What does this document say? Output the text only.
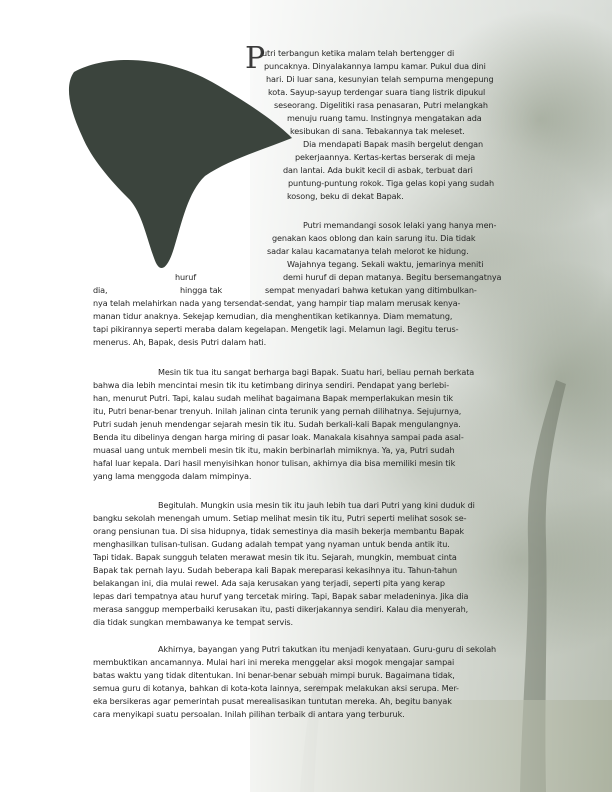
P
utri terbangun ketika malam telah bertengger di
puncaknya. Dinyalakannya lampu kamar. Pukul dua dini
hari. Di luar sana, kesunyian telah sempurna mengepung
kota. Sayup-sayup terdengar suara tiang listrik dipukul
seseorang. Digelitiki rasa penasaran, Putri melangkah
menuju ruang tamu. Instingnya mengatakan ada
kesibukan di sana. Tebakannya tak meleset.
Dia mendapati Bapak masih bergelut dengan
pekerjaannya. Kertas-kertas berserak di meja
dan lantai. Ada bukit kecil di asbak, terbuat dari
puntung-puntung rokok. Tiga gelas kopi yang sudah
kosong, beku di dekat Bapak.
Putri memandangi sosok lelaki yang hanya men-
genakan kaos oblong dan kain sarung itu. Dia tidak
sadar kalau kacamatanya telah melorot ke hidung.
Wajahnya tegang. Sekali waktu, jemarinya meniti
huruf	demi huruf di depan matanya. Begitu bersemangatnya
dia,	hingga tak	sempat menyadari bahwa ketukan yang ditimbulkan-
nya telah melahirkan nada yang tersendat-sendat, yang hampir tiap malam merusak kenya-
manan tidur anaknya. Sekejap kemudian, dia menghentikan ketikannya. Diam mematung,
tapi pikirannya seperti meraba dalam kegelapan. Mengetik lagi. Melamun lagi. Begitu terus-
menerus. Ah, Bapak, desis Putri dalam hati.
Mesin tik tua itu sangat berharga bagi Bapak. Suatu hari, beliau pernah berkata
bahwa dia lebih mencintai mesin tik itu ketimbang dirinya sendiri. Pendapat yang berlebi-
han, menurut Putri. Tapi, kalau sudah melihat bagaimana Bapak memperlakukan mesin tik
itu, Putri benar-benar trenyuh. Inilah jalinan cinta terunik yang pernah dilihatnya. Sejujurnya,
Putri sudah jenuh mendengar sejarah mesin tik itu. Sudah berkali-kali Bapak mengulangnya.
Benda itu dibelinya dengan harga miring di pasar loak. Manakala kisahnya sampai pada asal-
muasal uang untuk membeli mesin tik itu, makin berbinarlah mimiknya. Ya, ya, Putri sudah
hafal luar kepala. Dari hasil menyisihkan honor tulisan, akhirnya dia bisa memiliki mesin tik
yang lama menggoda dalam mimpinya.
Begitulah. Mungkin usia mesin tik itu jauh lebih tua dari Putri yang kini duduk di
bangku sekolah menengah umum. Setiap melihat mesin tik itu, Putri seperti melihat sosok se-
orang pensiunan tua. Di sisa hidupnya, tidak semestinya dia masih bekerja membantu Bapak
menghasilkan tulisan-tulisan. Gudang adalah tempat yang nyaman untuk benda antik itu.
Tapi tidak. Bapak sungguh telaten merawat mesin tik itu. Sejarah, mungkin, membuat cinta
Bapak tak pernah layu. Sudah beberapa kali Bapak mereparasi kekasihnya itu. Tahun-tahun
belakangan ini, dia mulai rewel. Ada saja kerusakan yang terjadi, seperti pita yang kerap
lepas dari tempatnya atau huruf yang tercetak miring. Tapi, Bapak sabar meladeninya. Jika dia
merasa sanggup memperbaiki kerusakan itu, pasti dikerjakannya sendiri. Kalau dia menyerah,
dia tidak sungkan membawanya ke tempat servis.
Akhirnya, bayangan yang Putri takutkan itu menjadi kenyataan. Guru-guru di sekolah
membuktikan ancamannya. Mulai hari ini mereka menggelar aksi mogok mengajar sampai
batas waktu yang tidak ditentukan. Ini benar-benar sebuah mimpi buruk. Bagaimana tidak,
semua guru di kotanya, bahkan di kota-kota lainnya, serempak melakukan aksi serupa. Mer-
eka bersikeras agar pemerintah pusat merealisasikan tuntutan mereka. Ah, begitu banyak
cara menyikapi suatu persoalan. Inilah pilihan terbaik di antara yang terburuk.
